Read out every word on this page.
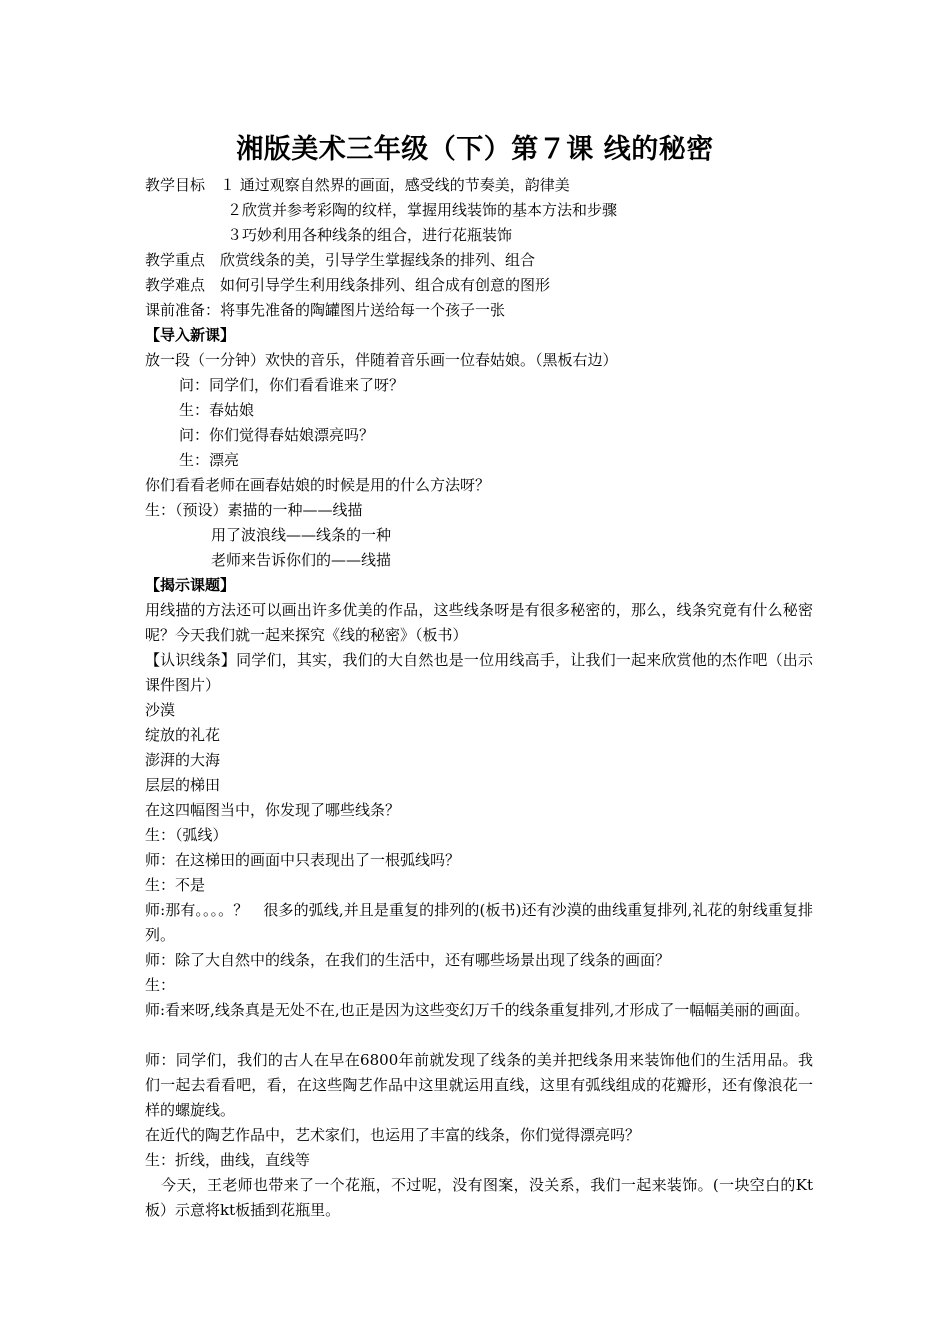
湘版美术三年级（下）第７课 线的秘密
教学目标　１ 通过观察自然界的画面，感受线的节奏美，韵律美
２欣赏并参考彩陶的纹样，掌握用线装饰的基本方法和步骤
３巧妙利用各种线条的组合，进行花瓶装饰
教学重点　欣赏线条的美，引导学生掌握线条的排列、组合
教学难点　如何引导学生利用线条排列、组合成有创意的图形
课前准备：将事先准备的陶罐图片送给每一个孩子一张
【导入新课】
放一段（一分钟）欢快的音乐，伴随着音乐画一位春姑娘。（黑板右边）
问：同学们，你们看看谁来了呀？
生：春姑娘
问：你们觉得春姑娘漂亮吗？
生：漂亮
你们看看老师在画春姑娘的时候是用的什么方法呀？
生：（预设）素描的一种——线描
用了波浪线——线条的一种
老师来告诉你们的——线描
【揭示课题】
用线描的方法还可以画出许多优美的作品，这些线条呀是有很多秘密的，那么，线条究竟有什么秘密呢？今天我们就一起来探究《线的秘密》（板书）
【认识线条】同学们，其实，我们的大自然也是一位用线高手，让我们一起来欣赏他的杰作吧（出示课件图片）
沙漠
绽放的礼花
澎湃的大海
层层的梯田
在这四幅图当中，你发现了哪些线条？
生：（弧线）
师：在这梯田的画面中只表现出了一根弧线吗？
生：不是
师:那有。。。。？　很多的弧线,并且是重复的排列的(板书)还有沙漠的曲线重复排列,礼花的射线重复排列。
师：除了大自然中的线条，在我们的生活中，还有哪些场景出现了线条的画面？
生：
师:看来呀,线条真是无处不在,也正是因为这些变幻万千的线条重复排列,才形成了一幅幅美丽的画面。
师：同学们，我们的古人在早在6800年前就发现了线条的美并把线条用来装饰他们的生活用品。我们一起去看看吧，看，在这些陶艺作品中这里就运用直线，这里有弧线组成的花瓣形，还有像浪花一样的螺旋线。
在近代的陶艺作品中，艺术家们，也运用了丰富的线条，你们觉得漂亮吗？
生：折线，曲线，直线等
今天，王老师也带来了一个花瓶，不过呢，没有图案，没关系，我们一起来装饰。(一块空白的Kt板）示意将kt板插到花瓶里。
